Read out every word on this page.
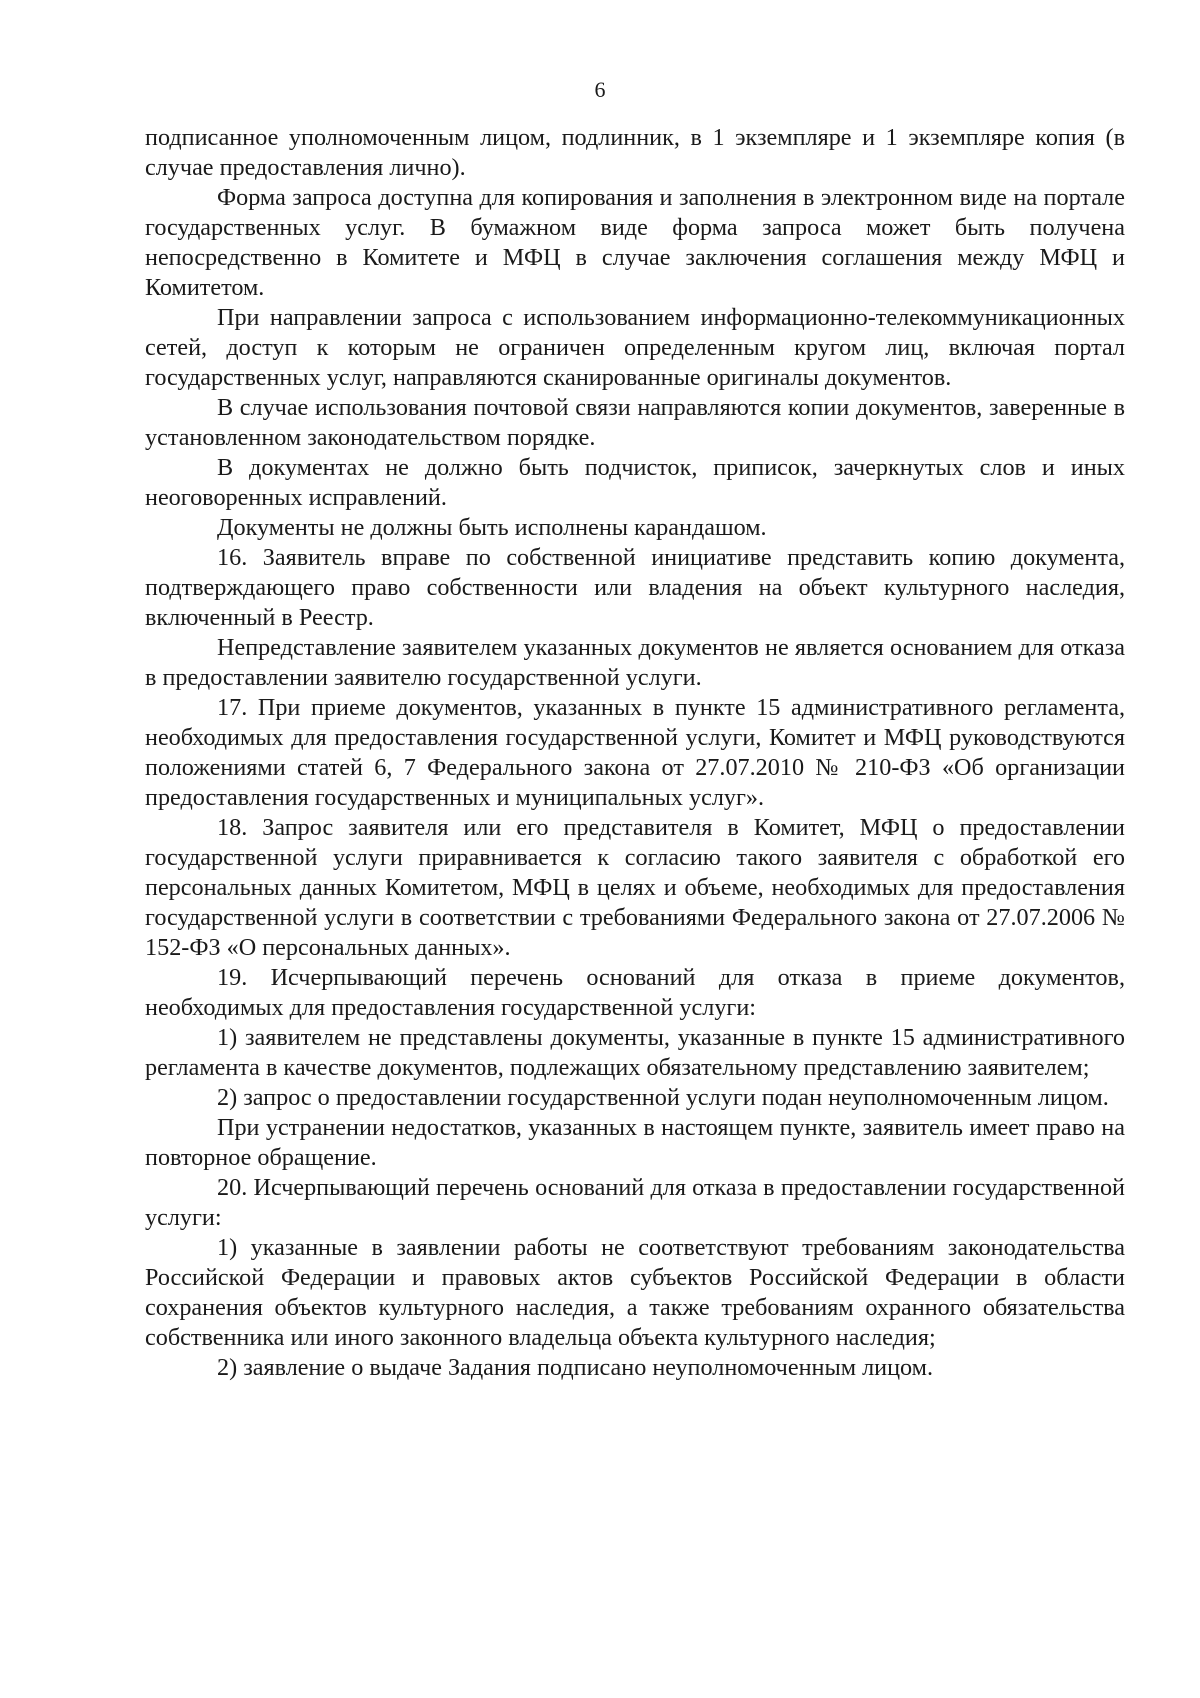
6

подписанное уполномоченным лицом, подлинник, в 1 экземпляре и 1 экземпляре копия (в случае предоставления лично).

Форма запроса доступна для копирования и заполнения в электронном виде на портале государственных услуг. В бумажном виде форма запроса может быть получена непосредственно в Комитете и МФЦ в случае заключения соглашения между МФЦ и Комитетом.

При направлении запроса с использованием информационно-телекоммуникационных сетей, доступ к которым не ограничен определенным кругом лиц, включая портал государственных услуг, направляются сканированные оригиналы документов.

В случае использования почтовой связи направляются копии документов, заверенные в установленном законодательством порядке.

В документах не должно быть подчисток, приписок, зачеркнутых слов и иных неоговоренных исправлений.

Документы не должны быть исполнены карандашом.

16. Заявитель вправе по собственной инициативе представить копию документа, подтверждающего право собственности или владения на объект культурного наследия, включенный в Реестр.

Непредставление заявителем указанных документов не является основанием для отказа в предоставлении заявителю государственной услуги.

17. При приеме документов, указанных в пункте 15 административного регламента, необходимых для предоставления государственной услуги, Комитет и МФЦ руководствуются положениями статей 6, 7 Федерального закона от 27.07.2010 № 210-ФЗ «Об организации предоставления государственных и муниципальных услуг».

18. Запрос заявителя или его представителя в Комитет, МФЦ о предоставлении государственной услуги приравнивается к согласию такого заявителя с обработкой его персональных данных Комитетом, МФЦ в целях и объеме, необходимых для предоставления государственной услуги в соответствии с требованиями Федерального закона от 27.07.2006 № 152-ФЗ «О персональных данных».

19. Исчерпывающий перечень оснований для отказа в приеме документов, необходимых для предоставления государственной услуги:

1) заявителем не представлены документы, указанные в пункте 15 административного регламента в качестве документов, подлежащих обязательному представлению заявителем;

2) запрос о предоставлении государственной услуги подан неуполномоченным лицом.

При устранении недостатков, указанных в настоящем пункте, заявитель имеет право на повторное обращение.

20. Исчерпывающий перечень оснований для отказа в предоставлении государственной услуги:

1) указанные в заявлении работы не соответствуют требованиям законодательства Российской Федерации и правовых актов субъектов Российской Федерации в области сохранения объектов культурного наследия, а также требованиям охранного обязательства собственника или иного законного владельца объекта культурного наследия;

2) заявление о выдаче Задания подписано неуполномоченным лицом.
